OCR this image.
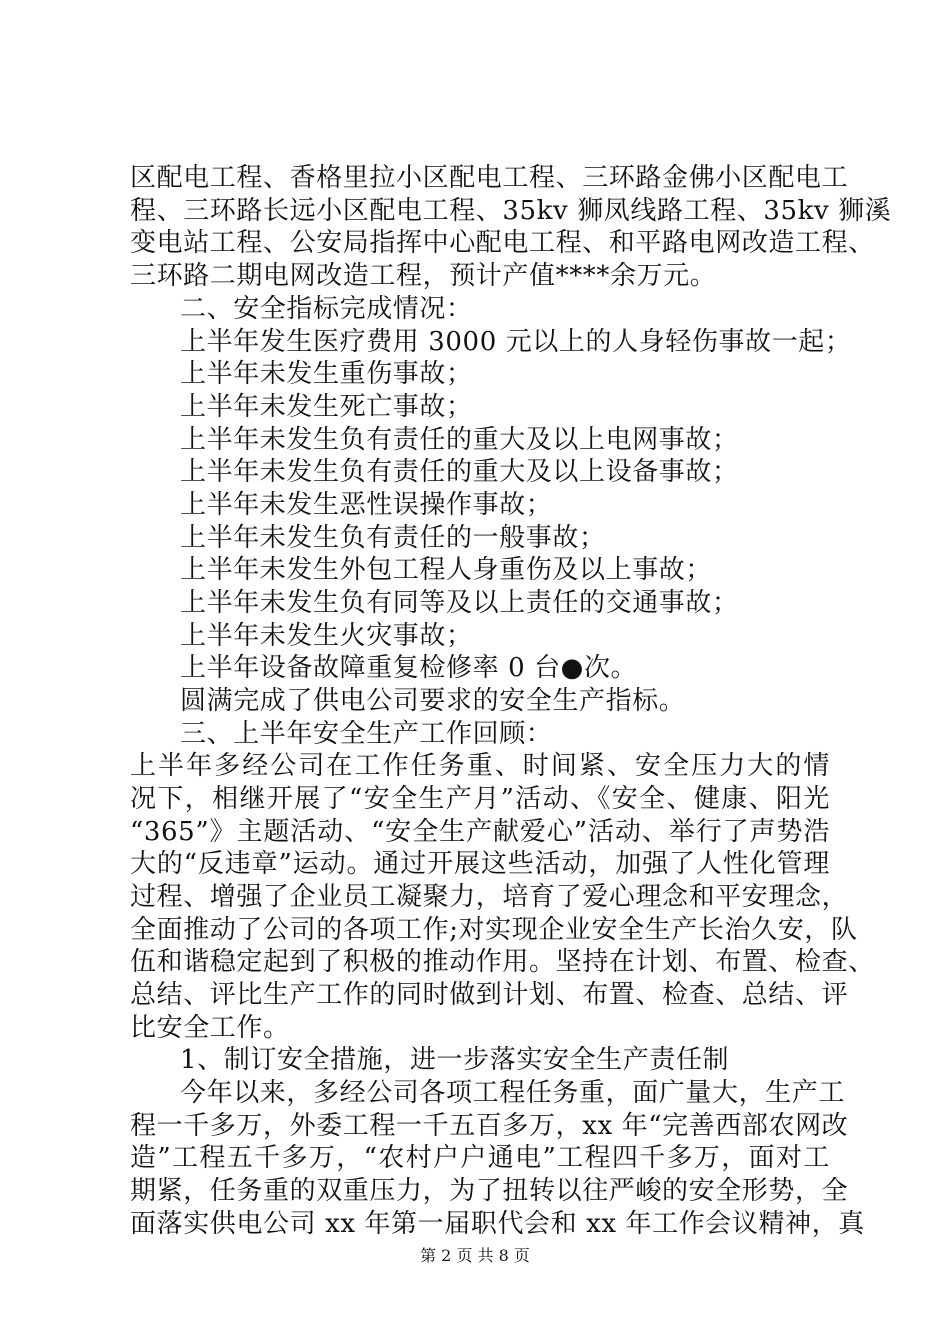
区配电工程、香格里拉小区配电工程、三环路金佛小区配电工
程、三环路长远小区配电工程、35kv 狮凤线路工程、35kv 狮溪
变电站工程、公安局指挥中心配电工程、和平路电网改造工程、
三环路二期电网改造工程，预计产值****余万元。
二、安全指标完成情况：
上半年发生医疗费用 3000 元以上的人身轻伤事故一起；
上半年未发生重伤事故；
上半年未发生死亡事故；
上半年未发生负有责任的重大及以上电网事故；
上半年未发生负有责任的重大及以上设备事故；
上半年未发生恶性误操作事故；
上半年未发生负有责任的一般事故；
上半年未发生外包工程人身重伤及以上事故；
上半年未发生负有同等及以上责任的交通事故；
上半年未发生火灾事故；
上半年设备故障重复检修率 0 台●次。
圆满完成了供电公司要求的安全生产指标。
三、上半年安全生产工作回顾：
上半年多经公司在工作任务重、时间紧、安全压力大的情
况下，相继开展了“安全生产月”活动、《安全、健康、阳光
“365”》主题活动、“安全生产献爱心”活动、举行了声势浩
大的“反违章”运动。通过开展这些活动，加强了人性化管理
过程、增强了企业员工凝聚力，培育了爱心理念和平安理念，
全面推动了公司的各项工作;对实现企业安全生产长治久安，队
伍和谐稳定起到了积极的推动作用。坚持在计划、布置、检查、
总结、评比生产工作的同时做到计划、布置、检查、总结、评
比安全工作。
1、制订安全措施，进一步落实安全生产责任制
今年以来，多经公司各项工程任务重，面广量大，生产工
程一千多万，外委工程一千五百多万，xx 年“完善西部农网改
造”工程五千多万，“农村户户通电”工程四千多万，面对工
期紧，任务重的双重压力，为了扭转以往严峻的安全形势，全
面落实供电公司 xx 年第一届职代会和 xx 年工作会议精神，真
第 2 页 共 8 页
